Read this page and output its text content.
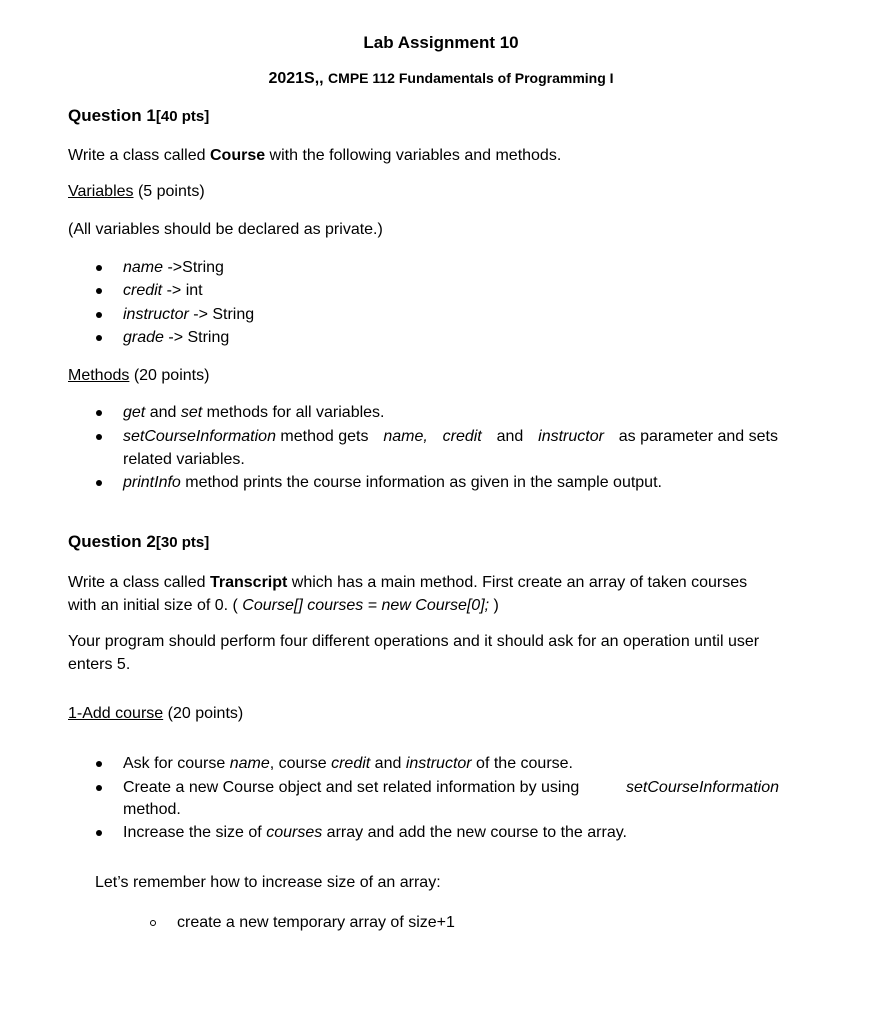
Lab Assignment 10
2021S,, CMPE 112 Fundamentals of Programming I
Question 1[40 pts]
Write a class called Course with the following variables and methods.
Variables (5 points)
(All variables should be declared as private.)
name ->String
credit -> int
instructor -> String
grade -> String
Methods (20 points)
get and set methods for all variables.
setCourseInformation method gets name, credit and instructor as parameter and sets
related variables.
printInfo method prints the course information as given in the sample output.
Question 2[30 pts]
Write a class called Transcript which has a main method. First create an array of taken courses
with an initial size of 0. ( Course[] courses = new Course[0]; )
Your program should perform four different operations and it should ask for an operation until user
enters 5.
1-Add course (20 points)
Ask for course name, course credit and instructor of the course.
Create a new Course object and set related information by using	setCourseInformation
method.
Increase the size of courses array and add the new course to the array.
Let’s remember how to increase size of an array:
create a new temporary array of size+1
